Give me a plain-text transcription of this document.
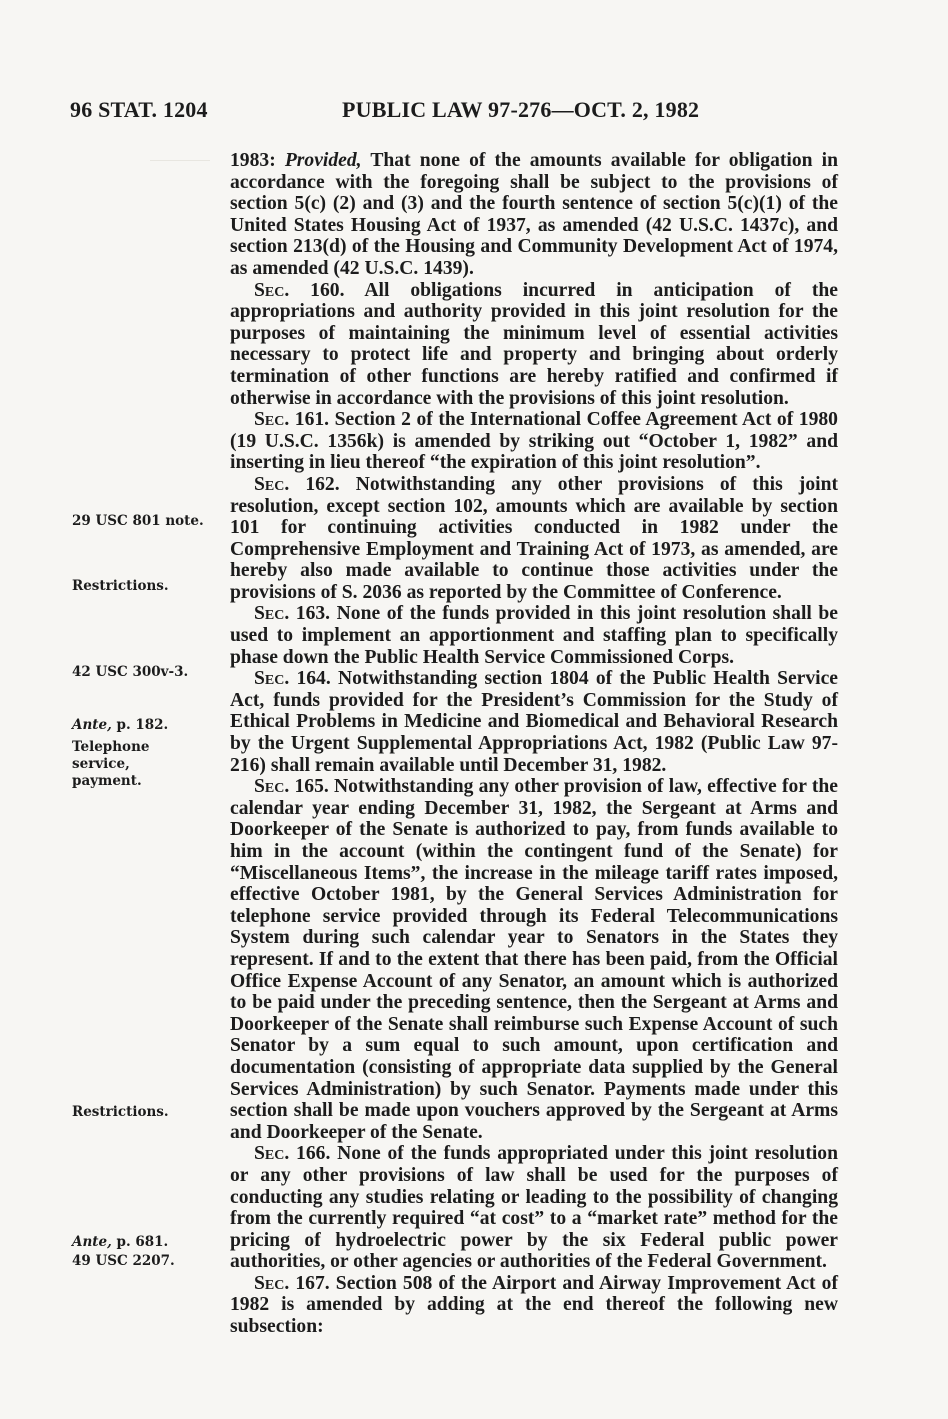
96 STAT. 1204	PUBLIC LAW 97-276—OCT. 2, 1982
29 USC 801 note.
Restrictions.
42 USC 300v-3.
Ante, p. 182.
Telephone service, payment.
Restrictions.
Ante, p. 681.
49 USC 2207.

1983: Provided, That none of the amounts available for obligation in accordance with the foregoing shall be subject to the provisions of section 5(c) (2) and (3) and the fourth sentence of section 5(c)(1) of the United States Housing Act of 1937, as amended (42 U.S.C. 1437c), and section 213(d) of the Housing and Community Development Act of 1974, as amended (42 U.S.C. 1439).

Sec. 160. All obligations incurred in anticipation of the appropriations and authority provided in this joint resolution for the purposes of maintaining the minimum level of essential activities necessary to protect life and property and bringing about orderly termination of other functions are hereby ratified and confirmed if otherwise in accordance with the provisions of this joint resolution.

Sec. 161. Section 2 of the International Coffee Agreement Act of 1980 (19 U.S.C. 1356k) is amended by striking out “October 1, 1982” and inserting in lieu thereof “the expiration of this joint resolution”.

Sec. 162. Notwithstanding any other provisions of this joint resolution, except section 102, amounts which are available by section 101 for continuing activities conducted in 1982 under the Comprehensive Employment and Training Act of 1973, as amended, are hereby also made available to continue those activities under the provisions of S. 2036 as reported by the Committee of Conference.

Sec. 163. None of the funds provided in this joint resolution shall be used to implement an apportionment and staffing plan to specifically phase down the Public Health Service Commissioned Corps.

Sec. 164. Notwithstanding section 1804 of the Public Health Service Act, funds provided for the President’s Commission for the Study of Ethical Problems in Medicine and Biomedical and Behavioral Research by the Urgent Supplemental Appropriations Act, 1982 (Public Law 97-216) shall remain available until December 31, 1982.

Sec. 165. Notwithstanding any other provision of law, effective for the calendar year ending December 31, 1982, the Sergeant at Arms and Doorkeeper of the Senate is authorized to pay, from funds available to him in the account (within the contingent fund of the Senate) for “Miscellaneous Items”, the increase in the mileage tariff rates imposed, effective October 1981, by the General Services Administration for telephone service provided through its Federal Telecommunications System during such calendar year to Senators in the States they represent. If and to the extent that there has been paid, from the Official Office Expense Account of any Senator, an amount which is authorized to be paid under the preceding sentence, then the Sergeant at Arms and Doorkeeper of the Senate shall reimburse such Expense Account of such Senator by a sum equal to such amount, upon certification and documentation (consisting of appropriate data supplied by the General Services Administration) by such Senator. Payments made under this section shall be made upon vouchers approved by the Sergeant at Arms and Doorkeeper of the Senate.

Sec. 166. None of the funds appropriated under this joint resolution or any other provisions of law shall be used for the purposes of conducting any studies relating or leading to the possibility of changing from the currently required “at cost” to a “market rate” method for the pricing of hydroelectric power by the six Federal public power authorities, or other agencies or authorities of the Federal Government.

Sec. 167. Section 508 of the Airport and Airway Improvement Act of 1982 is amended by adding at the end thereof the following new subsection:
